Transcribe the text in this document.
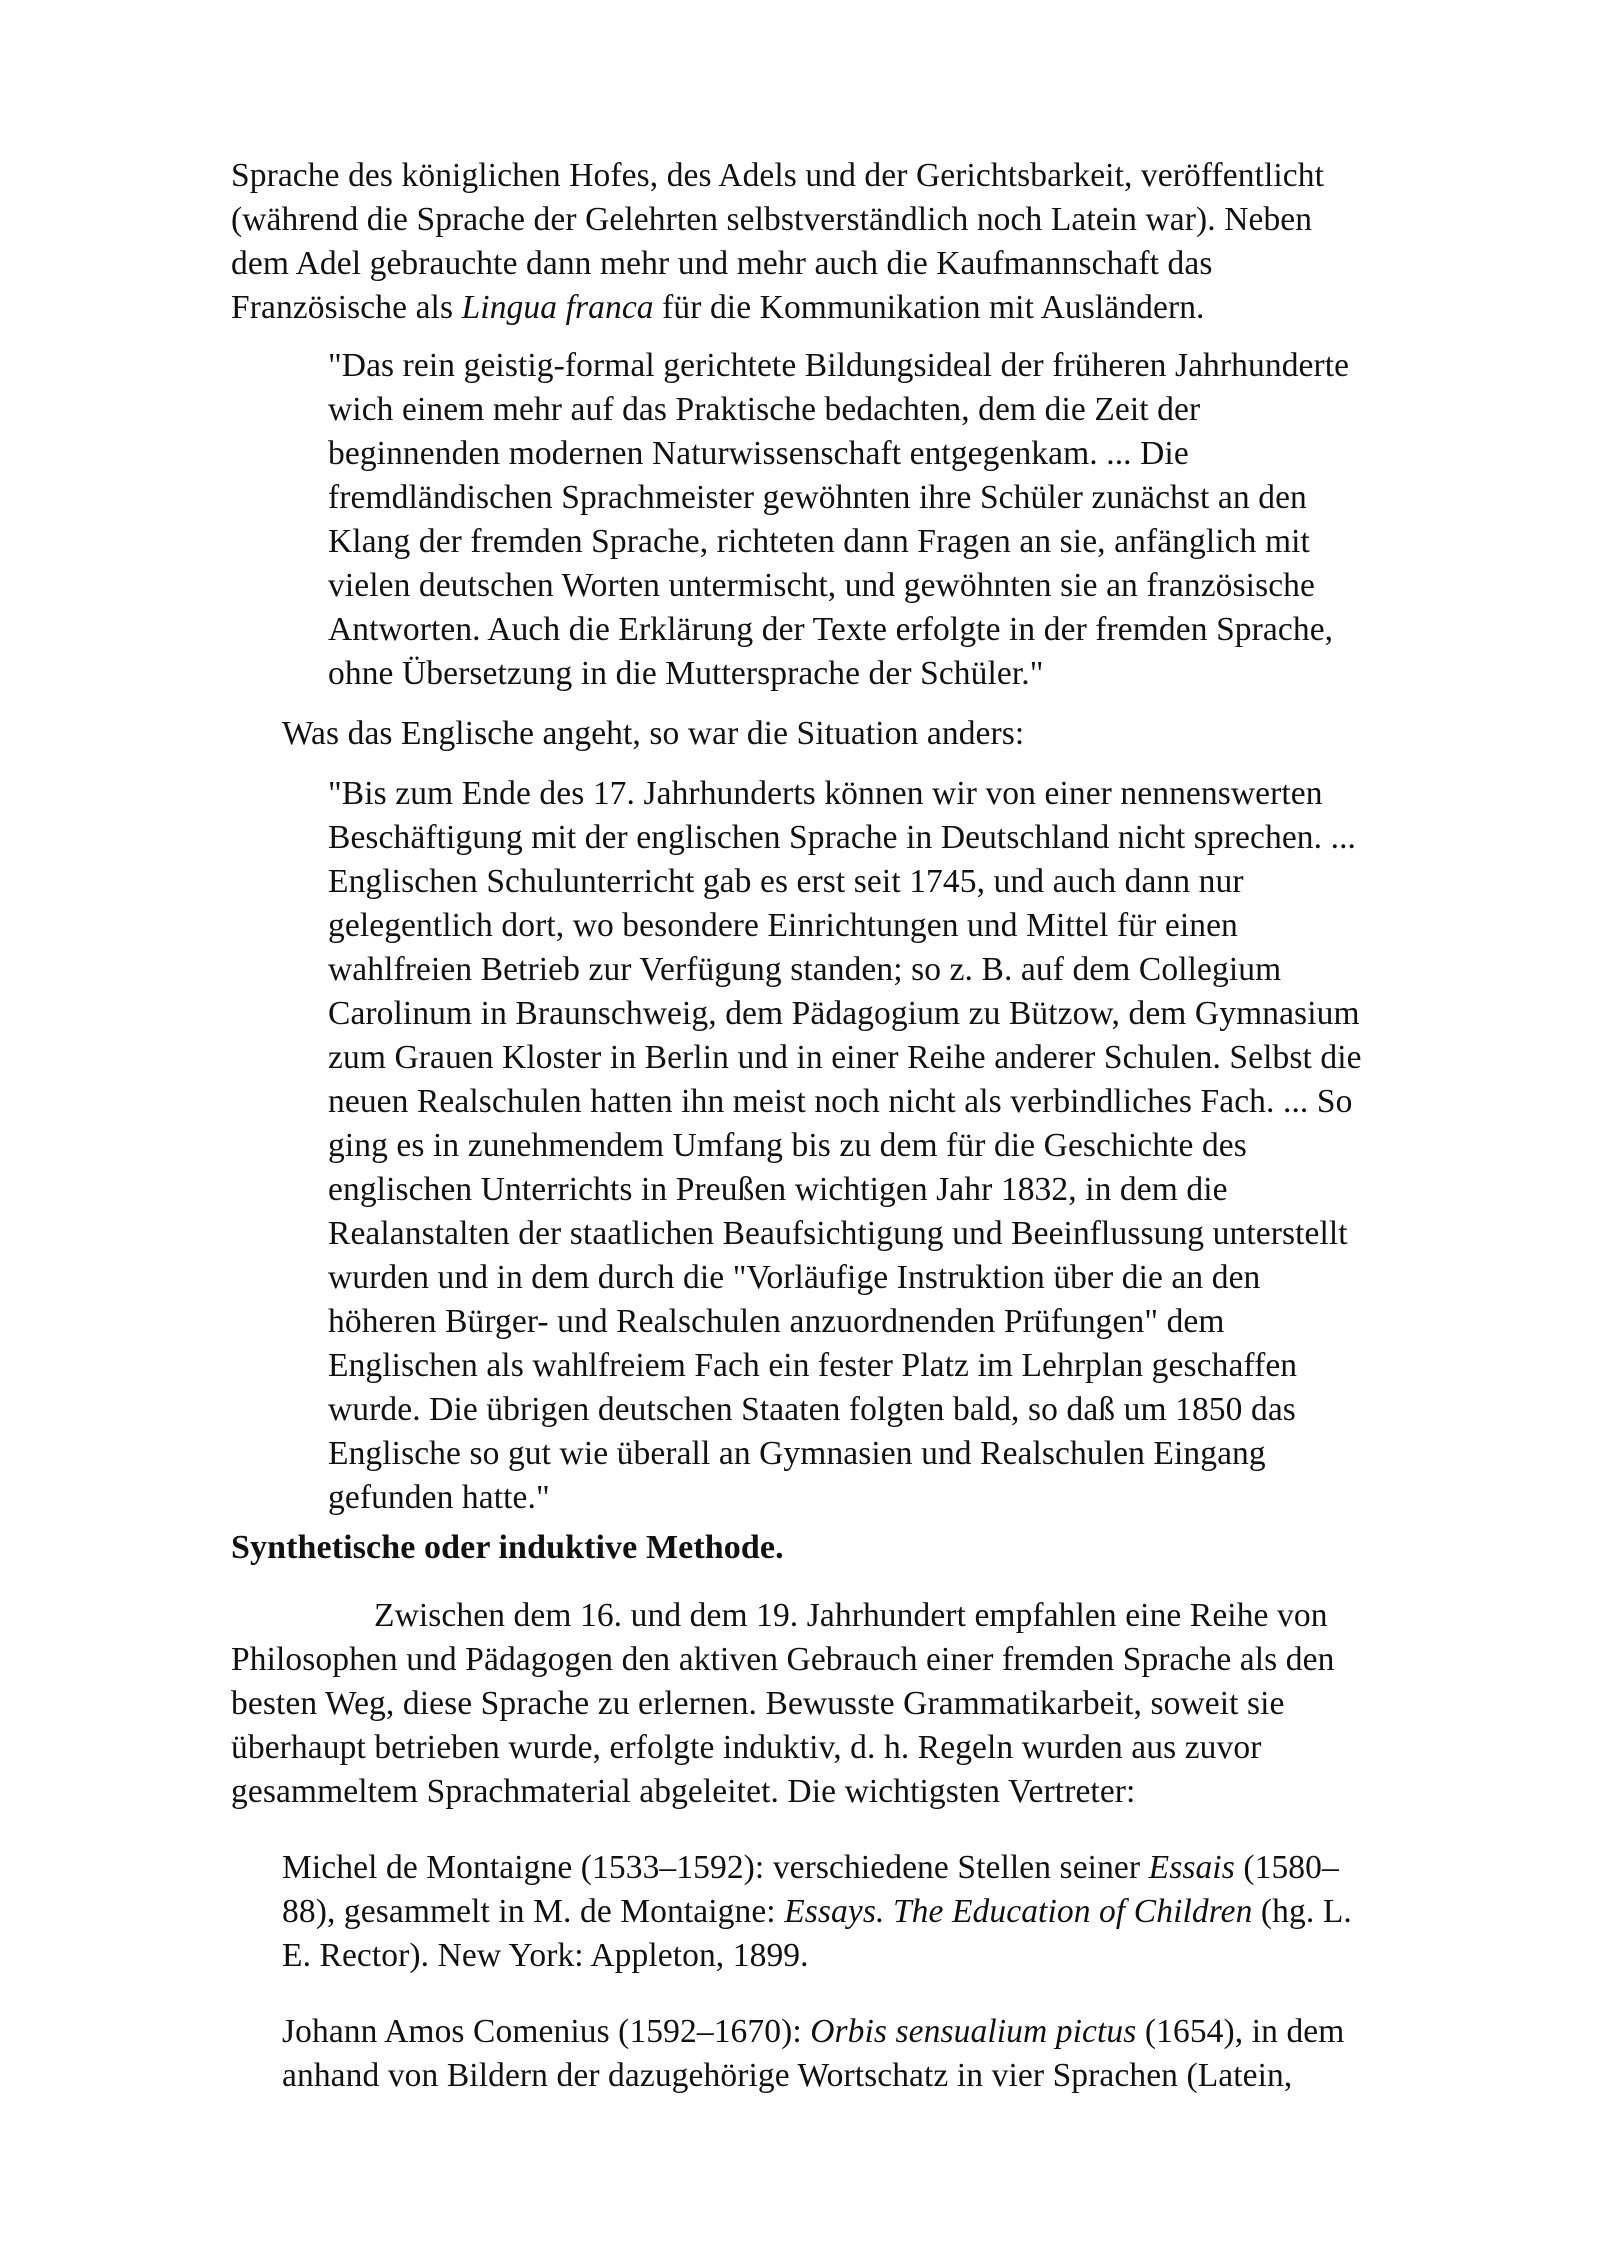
Sprache des königlichen Hofes, des Adels und der Gerichtsbarkeit, veröffentlicht

(während die Sprache der Gelehrten selbstverständlich noch Latein war). Neben

dem Adel gebrauchte dann mehr und mehr auch die Kaufmannschaft das

Französische als Lingua franca für die Kommunikation mit Ausländern.

"Das rein geistig-formal gerichtete Bildungsideal der früheren Jahrhunderte

wich einem mehr auf das Praktische bedachten, dem die Zeit der

beginnenden modernen Naturwissenschaft entgegenkam. ... Die

fremdländischen Sprachmeister gewöhnten ihre Schüler zunächst an den

Klang der fremden Sprache, richteten dann Fragen an sie, anfänglich mit

vielen deutschen Worten untermischt, und gewöhnten sie an französische

Antworten. Auch die Erklärung der Texte erfolgte in der fremden Sprache,

ohne Übersetzung in die Muttersprache der Schüler."

Was das Englische angeht, so war die Situation anders:

"Bis zum Ende des 17. Jahrhunderts können wir von einer nennenswerten

Beschäftigung mit der englischen Sprache in Deutschland nicht sprechen. ...

Englischen Schulunterricht gab es erst seit 1745, und auch dann nur

gelegentlich dort, wo besondere Einrichtungen und Mittel für einen

wahlfreien Betrieb zur Verfügung standen; so z. B. auf dem Collegium

Carolinum in Braunschweig, dem Pädagogium zu Bützow, dem Gymnasium

zum Grauen Kloster in Berlin und in einer Reihe anderer Schulen. Selbst die

neuen Realschulen hatten ihn meist noch nicht als verbindliches Fach. ... So

ging es in zunehmendem Umfang bis zu dem für die Geschichte des

englischen Unterrichts in Preußen wichtigen Jahr 1832, in dem die

Realanstalten der staatlichen Beaufsichtigung und Beeinflussung unterstellt

wurden und in dem durch die "Vorläufige Instruktion über die an den

höheren Bürger- und Realschulen anzuordnenden Prüfungen" dem

Englischen als wahlfreiem Fach ein fester Platz im Lehrplan geschaffen

wurde. Die übrigen deutschen Staaten folgten bald, so daß um 1850 das

Englische so gut wie überall an Gymnasien und Realschulen Eingang

gefunden hatte."

Synthetische oder induktive Methode.

Zwischen dem 16. und dem 19. Jahrhundert empfahlen eine Reihe von

Philosophen und Pädagogen den aktiven Gebrauch einer fremden Sprache als den

besten Weg, diese Sprache zu erlernen. Bewusste Grammatikarbeit, soweit sie

überhaupt betrieben wurde, erfolgte induktiv, d. h. Regeln wurden aus zuvor

gesammeltem Sprachmaterial abgeleitet. Die wichtigsten Vertreter:

Michel de Montaigne (1533–1592): verschiedene Stellen seiner Essais (1580–

88), gesammelt in M. de Montaigne: Essays. The Education of Children (hg. L.

E. Rector). New York: Appleton, 1899.

Johann Amos Comenius (1592–1670): Orbis sensualium pictus (1654), in dem

anhand von Bildern der dazugehörige Wortschatz in vier Sprachen (Latein,
